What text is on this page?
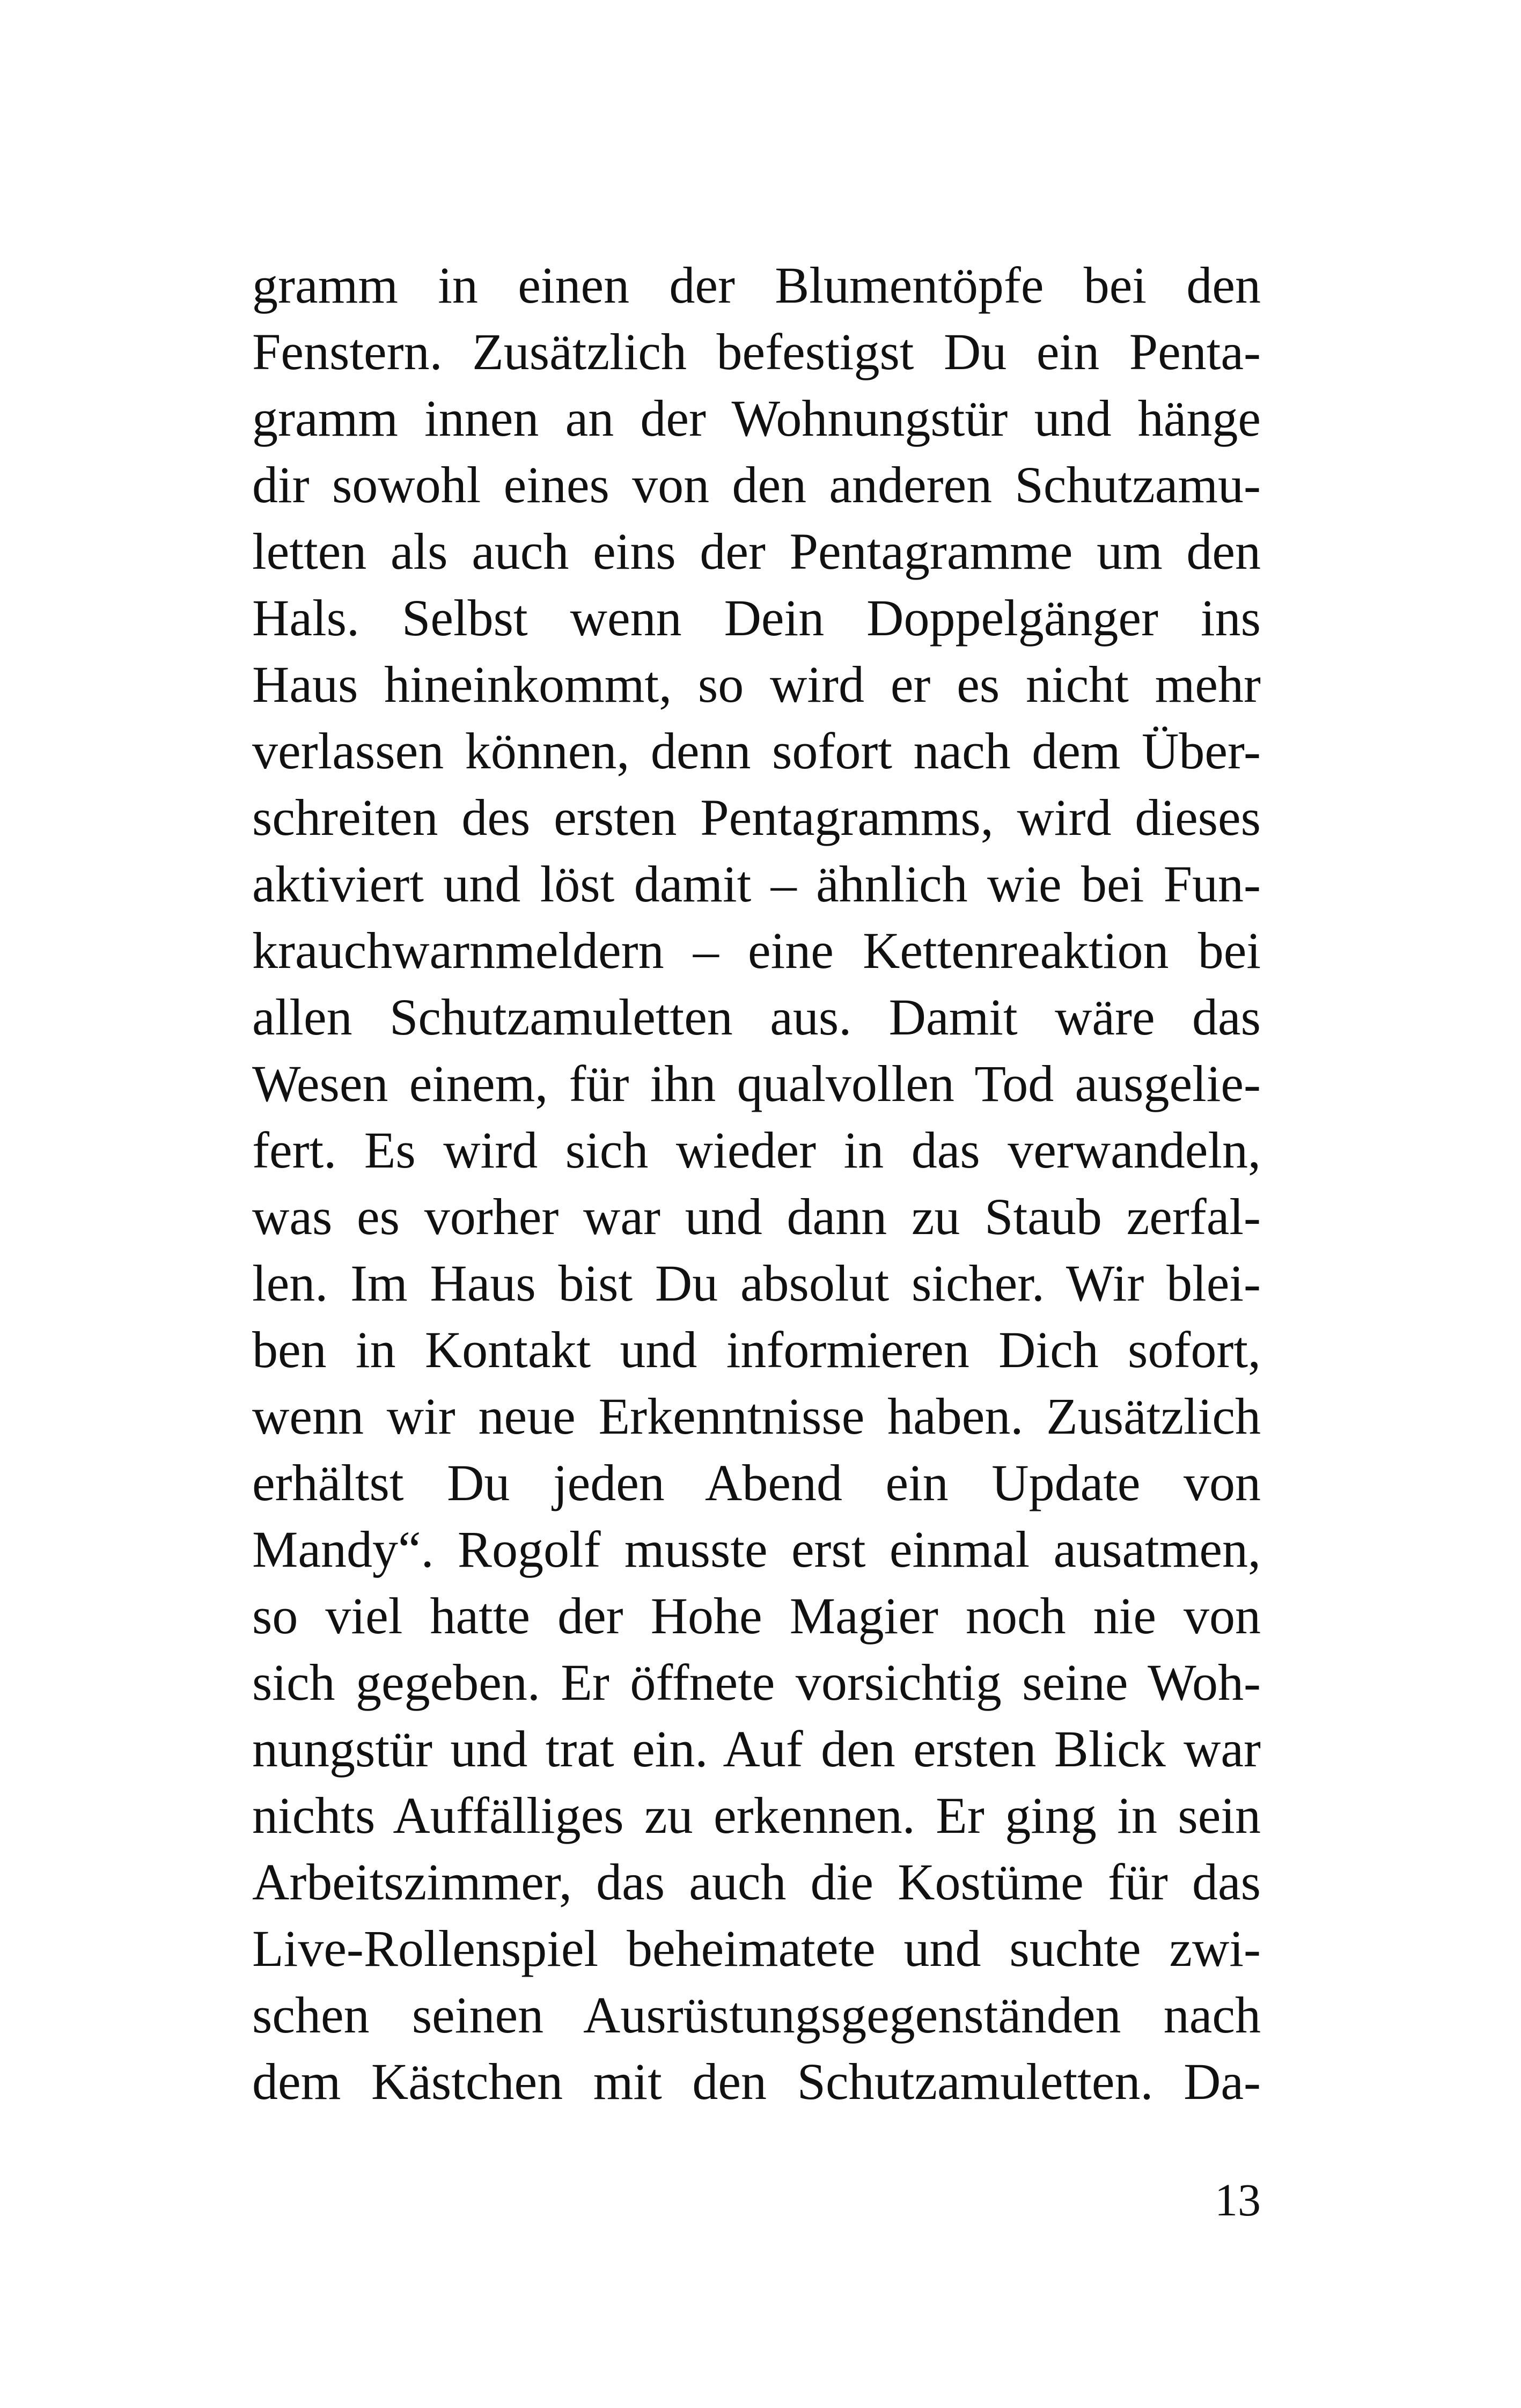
gramm in einen der Blumentöpfe bei den
Fenstern. Zusätzlich befestigst Du ein Penta-
gramm innen an der Wohnungstür und hänge
dir sowohl eines von den anderen Schutzamu-
letten als auch eins der Pentagramme um den
Hals. Selbst wenn Dein Doppelgänger ins
Haus hineinkommt, so wird er es nicht mehr
verlassen können, denn sofort nach dem Über-
schreiten des ersten Pentagramms, wird dieses
aktiviert und löst damit – ähnlich wie bei Fun-
krauchwarnmeldern – eine Kettenreaktion bei
allen Schutzamuletten aus. Damit wäre das
Wesen einem, für ihn qualvollen Tod ausgelie-
fert. Es wird sich wieder in das verwandeln,
was es vorher war und dann zu Staub zerfal-
len. Im Haus bist Du absolut sicher. Wir blei-
ben in Kontakt und informieren Dich sofort,
wenn wir neue Erkenntnisse haben. Zusätzlich
erhältst Du jeden Abend ein Update von
Mandy“. Rogolf musste erst einmal ausatmen,
so viel hatte der Hohe Magier noch nie von
sich gegeben. Er öffnete vorsichtig seine Woh-
nungstür und trat ein. Auf den ersten Blick war
nichts Auffälliges zu erkennen. Er ging in sein
Arbeitszimmer, das auch die Kostüme für das
Live-Rollenspiel beheimatete und suchte zwi-
schen seinen Ausrüstungsgegenständen nach
dem Kästchen mit den Schutzamuletten. Da-
13
